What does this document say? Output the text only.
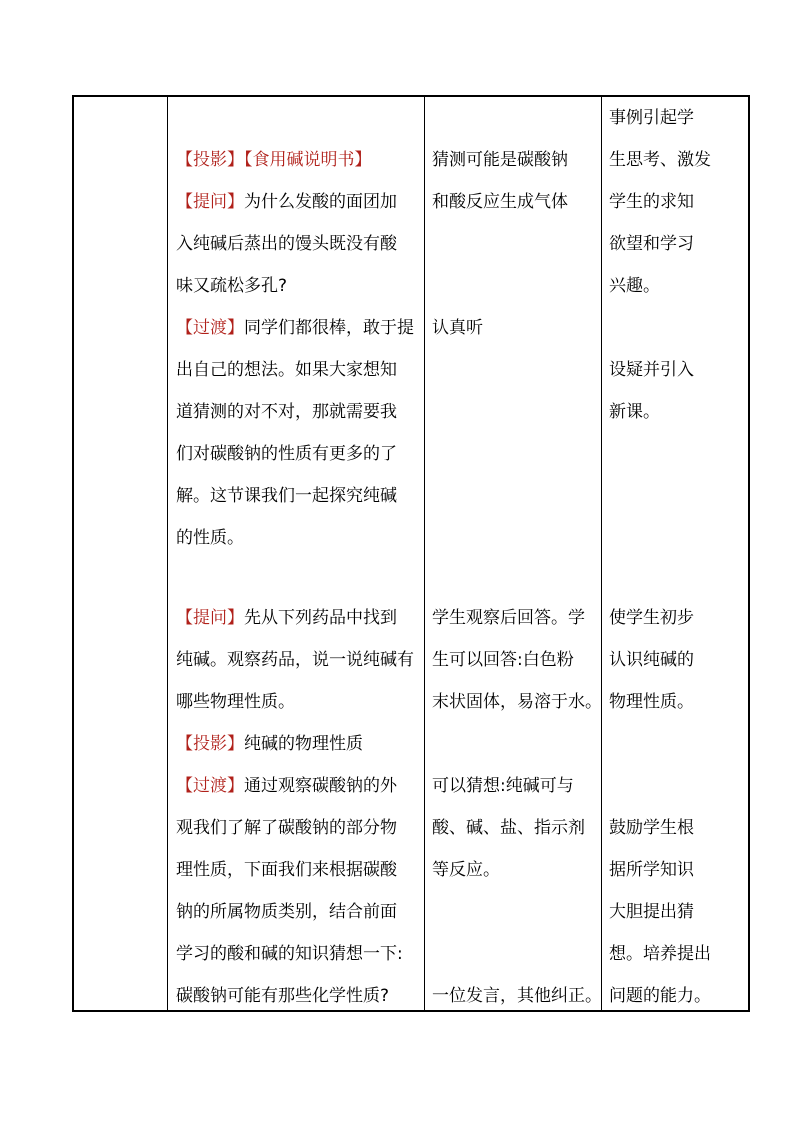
【投影】【食用碱说明书】
【提问】为什么发酸的面团加
入纯碱后蒸出的馒头既没有酸
味又疏松多孔?
【过渡】同学们都很棒，敢于提
出自己的想法。如果大家想知
道猜测的对不对，那就需要我
们对碳酸钠的性质有更多的了
解。这节课我们一起探究纯碱
的性质。
【提问】先从下列药品中找到
纯碱。观察药品，说一说纯碱有
哪些物理性质。
【投影】纯碱的物理性质
【过渡】通过观察碳酸钠的外
观我们了解了碳酸钠的部分物
理性质，下面我们来根据碳酸
钠的所属物质类别，结合前面
学习的酸和碱的知识猜想一下:
碳酸钠可能有那些化学性质?
猜测可能是碳酸钠
和酸反应生成气体
认真听
学生观察后回答。学
生可以回答:白色粉
末状固体，易溶于水。
可以猜想:纯碱可与
酸、碱、盐、指示剂
等反应。
一位发言，其他纠正。
事例引起学
生思考、激发
学生的求知
欲望和学习
兴趣。
设疑并引入
新课。
使学生初步
认识纯碱的
物理性质。
鼓励学生根
据所学知识
大胆提出猜
想。培养提出
问题的能力。
